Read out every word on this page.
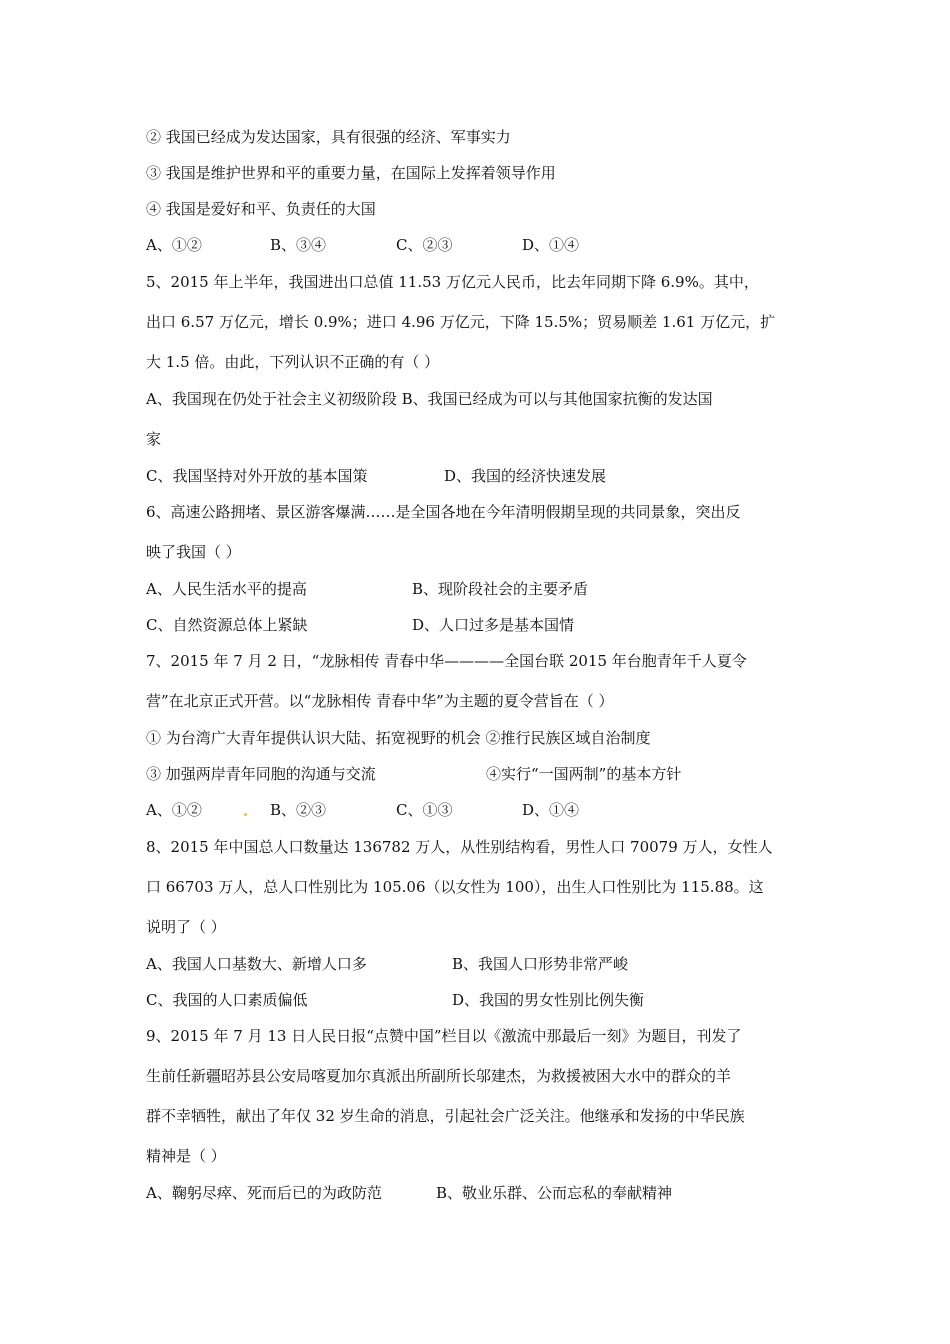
② 我国已经成为发达国家，具有很强的经济、军事实力
③ 我国是维护世界和平的重要力量，在国际上发挥着领导作用
④ 我国是爱好和平、负责任的大国
A、①②	B、③④	C、②③	D、①④
5、2015 年上半年，我国进出口总值 11.53 万亿元人民币，比去年同期下降 6.9%。其中，
出口 6.57 万亿元，增长 0.9%；进口 4.96 万亿元，下降 15.5%；贸易顺差 1.61 万亿元，扩
大 1.5 倍。由此，下列认识不正确的有（ ）
A、我国现在仍处于社会主义初级阶段 B、我国已经成为可以与其他国家抗衡的发达国
家
C、我国坚持对外开放的基本国策	D、我国的经济快速发展
6、高速公路拥堵、景区游客爆满……是全国各地在今年清明假期呈现的共同景象，突出反
映了我国（ ）
A、人民生活水平的提高	B、现阶段社会的主要矛盾
C、自然资源总体上紧缺	D、人口过多是基本国情
7、2015 年 7 月 2 日，“龙脉相传 青春中华————全国台联 2015 年台胞青年千人夏令
营”在北京正式开营。以“龙脉相传 青春中华”为主题的夏令营旨在（ ）
① 为台湾广大青年提供认识大陆、拓宽视野的机会 ②推行民族区域自治制度
③ 加强两岸青年同胞的沟通与交流	④实行“一国两制”的基本方针
A、①②	B、②③	C、①③	D、①④
8、2015 年中国总人口数量达 136782 万人，从性别结构看，男性人口 70079 万人，女性人
口 66703 万人，总人口性别比为 105.06（以女性为 100），出生人口性别比为 115.88。这
说明了（ ）
A、我国人口基数大、新增人口多	B、我国人口形势非常严峻
C、我国的人口素质偏低	D、我国的男女性别比例失衡
9、2015 年 7 月 13 日人民日报“点赞中国”栏目以《激流中那最后一刻》为题目，刊发了
生前任新疆昭苏县公安局喀夏加尔真派出所副所长邬建杰，为救援被困大水中的群众的羊
群不幸牺牲，献出了年仅 32 岁生命的消息，引起社会广泛关注。他继承和发扬的中华民族
精神是（ ）
A、鞠躬尽瘁、死而后已的为政防范	B、敬业乐群、公而忘私的奉献精神
